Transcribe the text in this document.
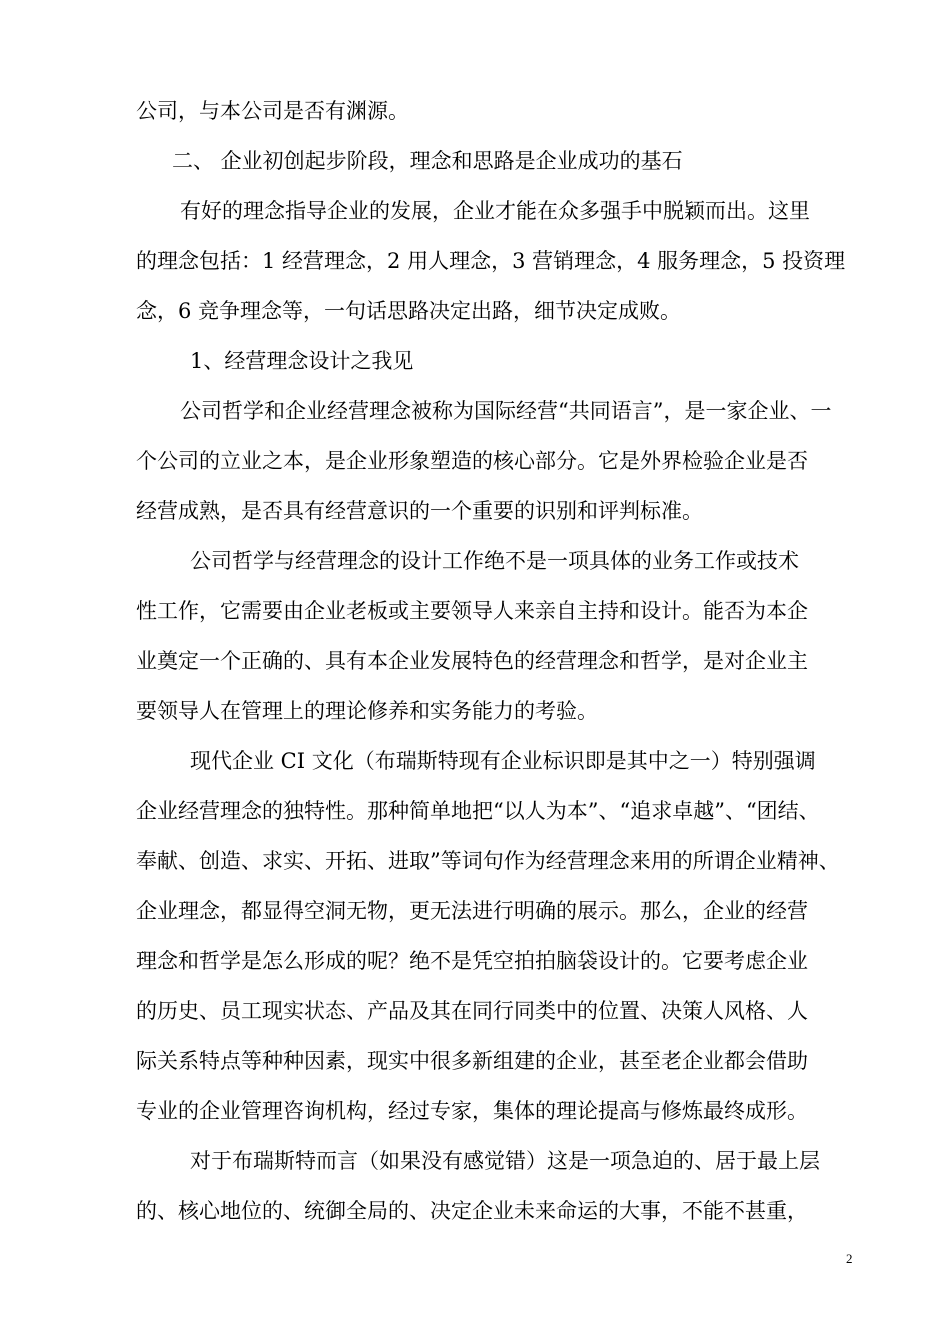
公司，与本公司是否有渊源。
二、 企业初创起步阶段，理念和思路是企业成功的基石
有好的理念指导企业的发展，企业才能在众多强手中脱颖而出。这里
的理念包括：1 经营理念，2 用人理念，3 营销理念，4 服务理念，5 投资理
念，6 竞争理念等，一句话思路决定出路，细节决定成败。
1、经营理念设计之我见
公司哲学和企业经营理念被称为国际经营“共同语言”，是一家企业、一
个公司的立业之本，是企业形象塑造的核心部分。它是外界检验企业是否
经营成熟，是否具有经营意识的一个重要的识别和评判标准。
公司哲学与经营理念的设计工作绝不是一项具体的业务工作或技术
性工作，它需要由企业老板或主要领导人来亲自主持和设计。能否为本企
业奠定一个正确的、具有本企业发展特色的经营理念和哲学，是对企业主
要领导人在管理上的理论修养和实务能力的考验。
现代企业 CI 文化（布瑞斯特现有企业标识即是其中之一）特别强调
企业经营理念的独特性。那种简单地把“以人为本”、“追求卓越”、“团结、
奉献、创造、求实、开拓、进取”等词句作为经营理念来用的所谓企业精神、
企业理念，都显得空洞无物，更无法进行明确的展示。那么，企业的经营
理念和哲学是怎么形成的呢？绝不是凭空拍拍脑袋设计的。它要考虑企业
的历史、员工现实状态、产品及其在同行同类中的位置、决策人风格、人
际关系特点等种种因素，现实中很多新组建的企业，甚至老企业都会借助
专业的企业管理咨询机构，经过专家，集体的理论提高与修炼最终成形。
对于布瑞斯特而言（如果没有感觉错）这是一项急迫的、居于最上层
的、核心地位的、统御全局的、决定企业未来命运的大事，不能不甚重，
2
